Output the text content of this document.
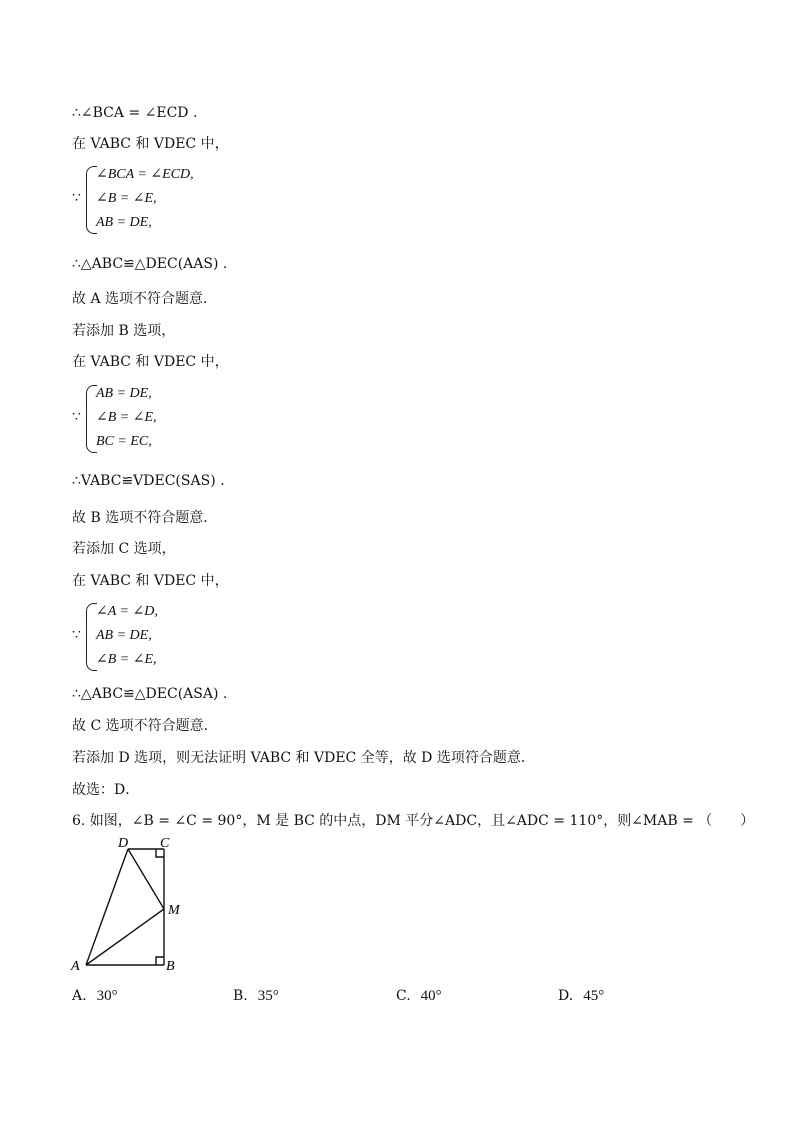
∴∠BCA = ∠ECD .
在 VABC 和 VDEC 中，
∵
∠BCA = ∠ECD,
∠B = ∠E,
AB = DE,
∴△ABC≌△DEC(AAS) .
故 A 选项不符合题意．
若添加 B 选项，
在 VABC 和 VDEC 中，
∵
AB = DE,
∠B = ∠E,
BC = EC,
∴VABC≌VDEC(SAS) .
故 B 选项不符合题意．
若添加 C 选项，
在 VABC 和 VDEC 中，
∵
∠A = ∠D,
AB = DE,
∠B = ∠E,
∴△ABC≌△DEC(ASA) .
故 C 选项不符合题意．
若添加 D 选项，则无法证明 VABC 和 VDEC 全等，故 D 选项符合题意．
故选：D．
6. 如图，∠B = ∠C = 90°，M 是 BC 的中点，DM 平分∠ADC，且∠ADC = 110°，则∠MAB = （　　）
D C
M
A	B
A. 30°	B. 35°	C. 40°	D. 45°
